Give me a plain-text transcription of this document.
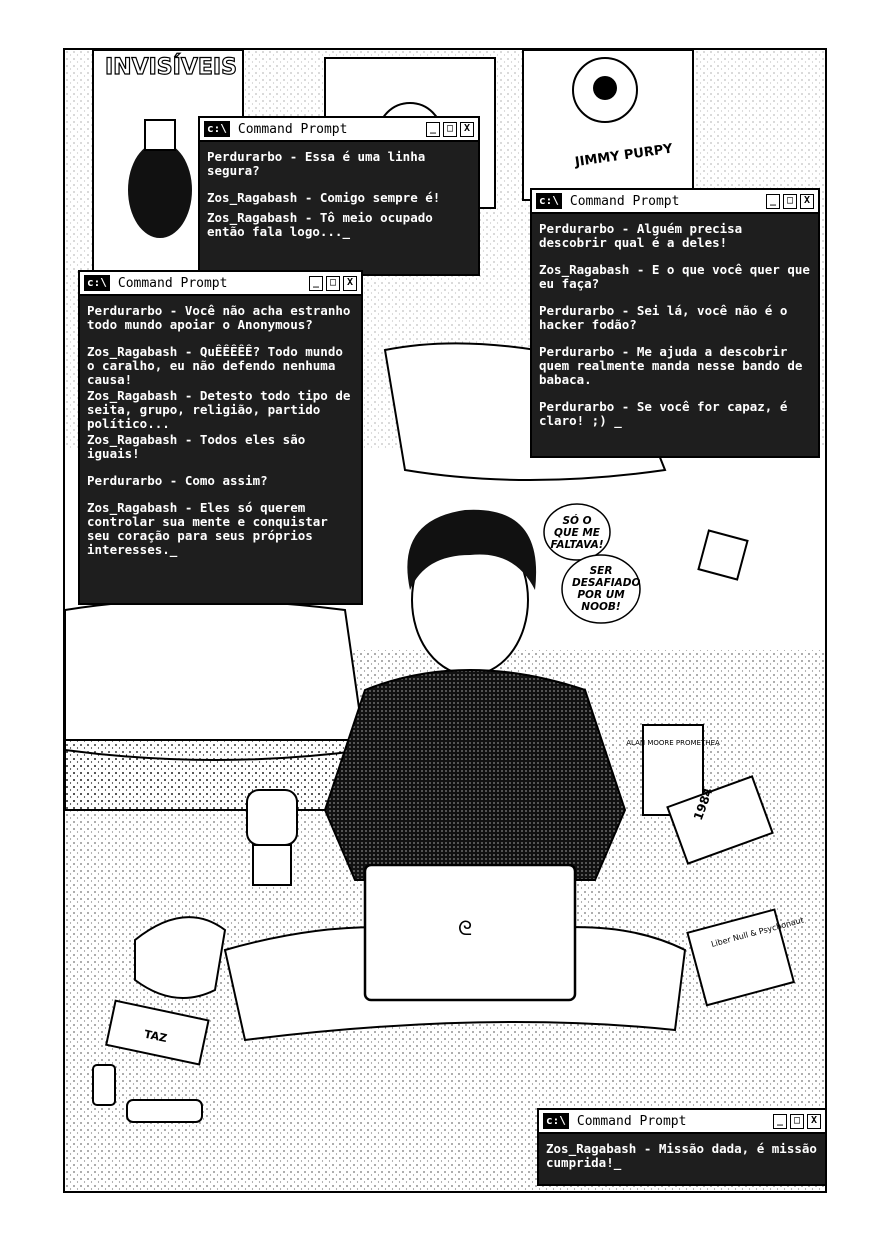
INVISÍVEIS
JIMMY PURPY
ᘓ
ALAN MOORE PROMETHEA
1984
Liber Null & Psychonaut
TAZ
SÓ O QUE ME FALTAVA!
SER DESAFIADO POR UM NOOB!
c:\ Command Prompt	_	□	X

Perdurarbo - Essa é uma linha segura?

Zos_Ragabash - Comigo sempre é!

Zos_Ragabash - Tô meio ocupado então fala logo..._

c:\ Command Prompt	_	□	X

Perdurarbo - Alguém precisa descobrir qual é a deles!

Zos_Ragabash - E o que você quer que eu faça?

Perdurarbo - Sei lá, você não é o hacker fodão?

Perdurarbo - Me ajuda a descobrir quem realmente manda nesse bando de babaca.

Perdurarbo - Se você for capaz, é claro! ;) _

c:\ Command Prompt	_	□	X

Perdurarbo - Você não acha estranho todo mundo apoiar o Anonymous?

Zos_Ragabash - QuÊÊÊÊÊ? Todo mundo o caralho, eu não defendo nenhuma causa!

Zos_Ragabash - Detesto todo tipo de seita, grupo, religião, partido político...

Zos_Ragabash - Todos eles são iguais!

Perdurarbo - Como assim?

Zos_Ragabash - Eles só querem controlar sua mente e conquistar seu coração para seus próprios interesses._

c:\ Command Prompt	_	□	X

Zos_Ragabash - Missão dada, é missão cumprida!_
